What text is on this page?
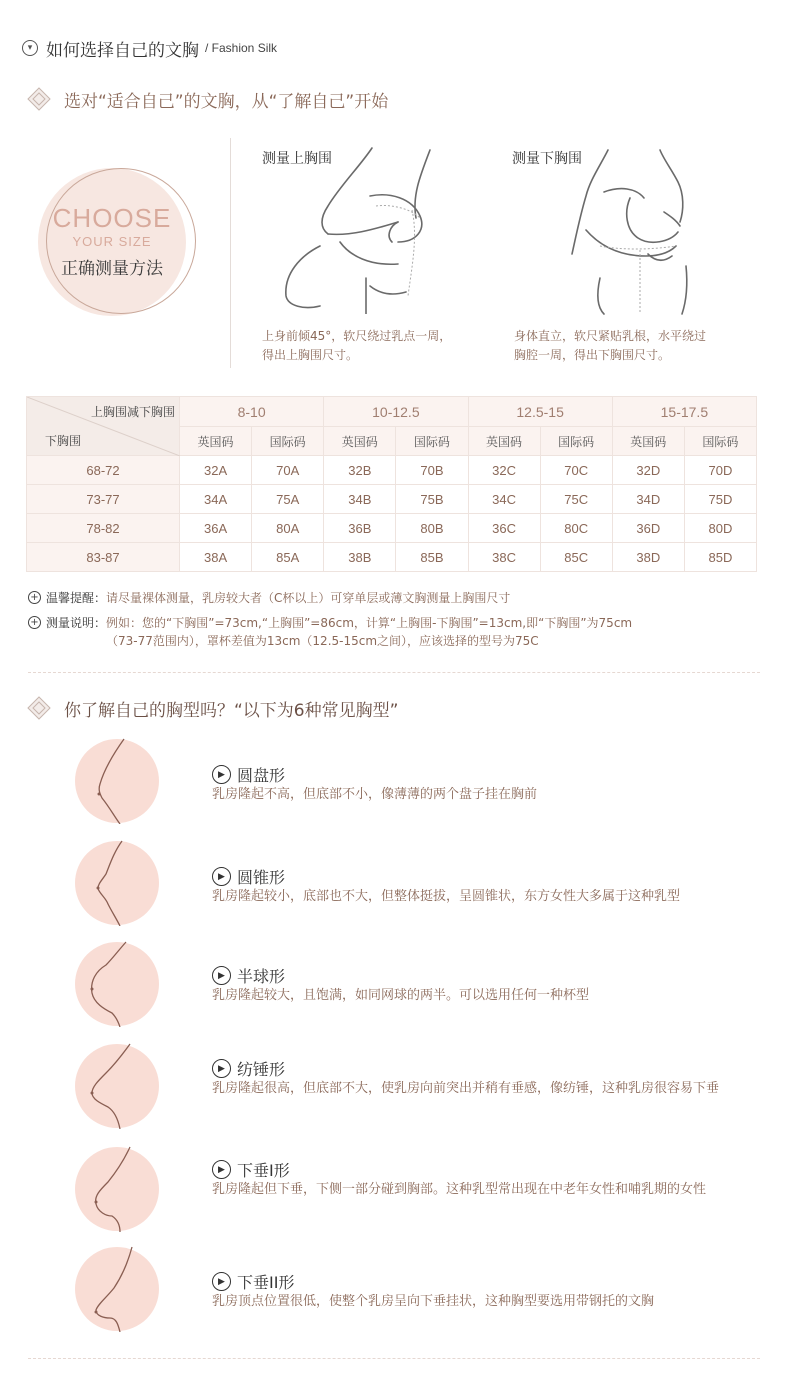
▾ 如何选择自己的文胸 / Fashion Silk
选对“适合自己”的文胸，从“了解自己”开始
CHOOSE
YOUR SIZE
正确测量方法
测量上胸围
上身前倾45°，软尺绕过乳点一周，
得出上胸围尺寸。
测量下胸围
身体直立，软尺紧贴乳根，水平绕过
胸腔一周，得出下胸围尺寸。
上胸围减下胸围
下胸围	8-10		10-12.5		12.5-15		15-17.5	
	英国码	国际码	英国码	国际码	英国码	国际码	英国码	国际码
68-72	32A	70A	32B	70B	32C	70C	32D	70D
73-77	34A	75A	34B	75B	34C	75C	34D	75D
78-82	36A	80A	36B	80B	36C	80C	36D	80D
83-87	38A	85A	38B	85B	38C	85C	38D	85D
+ 温馨提醒： 请尽量裸体测量，乳房较大者（C杯以上）可穿单层或薄文胸测量上胸围尺寸
+ 测量说明： 例如：您的“下胸围”=73cm,“上胸围”=86cm，计算“上胸围-下胸围”=13cm,即“下胸围”为75cm
（73-77范围内），罩杯差值为13cm（12.5-15cm之间），应该选择的型号为75C
你了解自己的胸型吗？“以下为6种常见胸型”
▶ 圆盘形
乳房隆起不高，但底部不小，像薄薄的两个盘子挂在胸前
▶ 圆锥形
乳房隆起较小，底部也不大，但整体挺拔，呈圆锥状，东方女性大多属于这种乳型
▶ 半球形
乳房隆起较大，且饱满，如同网球的两半。可以选用任何一种杯型
▶ 纺锤形
乳房隆起很高，但底部不大，使乳房向前突出并稍有垂感，像纺锤，这种乳房很容易下垂
▶ 下垂I形
乳房隆起但下垂，下侧一部分碰到胸部。这种乳型常出现在中老年女性和哺乳期的女性
▶ 下垂II形
乳房顶点位置很低，使整个乳房呈向下垂挂状，这种胸型要选用带钢托的文胸
